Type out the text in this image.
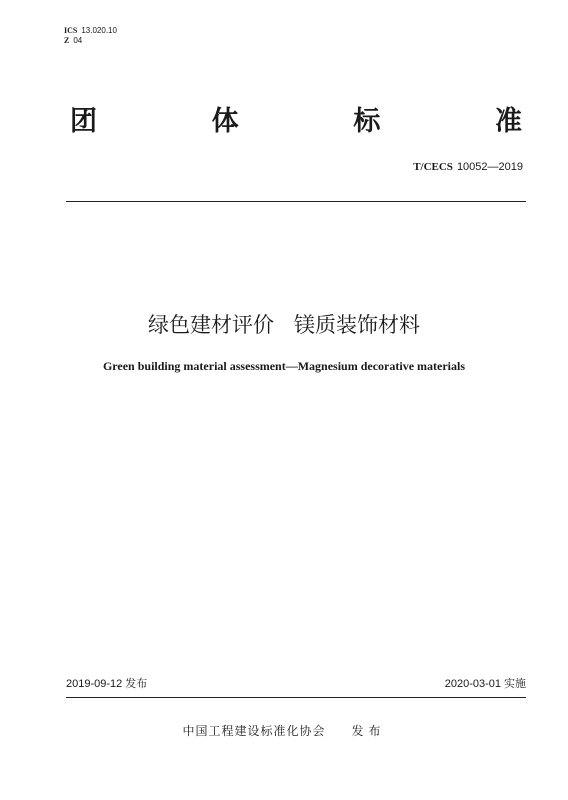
ICS 13.020.10
Z 04
团	体	标	准
T/CECS 10052—2019
绿色建材评价   镁质装饰材料
Green building material assessment—Magnesium decorative materials
2019-09-12 发布	2020-03-01 实施
中国工程建设标准化协会 发布
